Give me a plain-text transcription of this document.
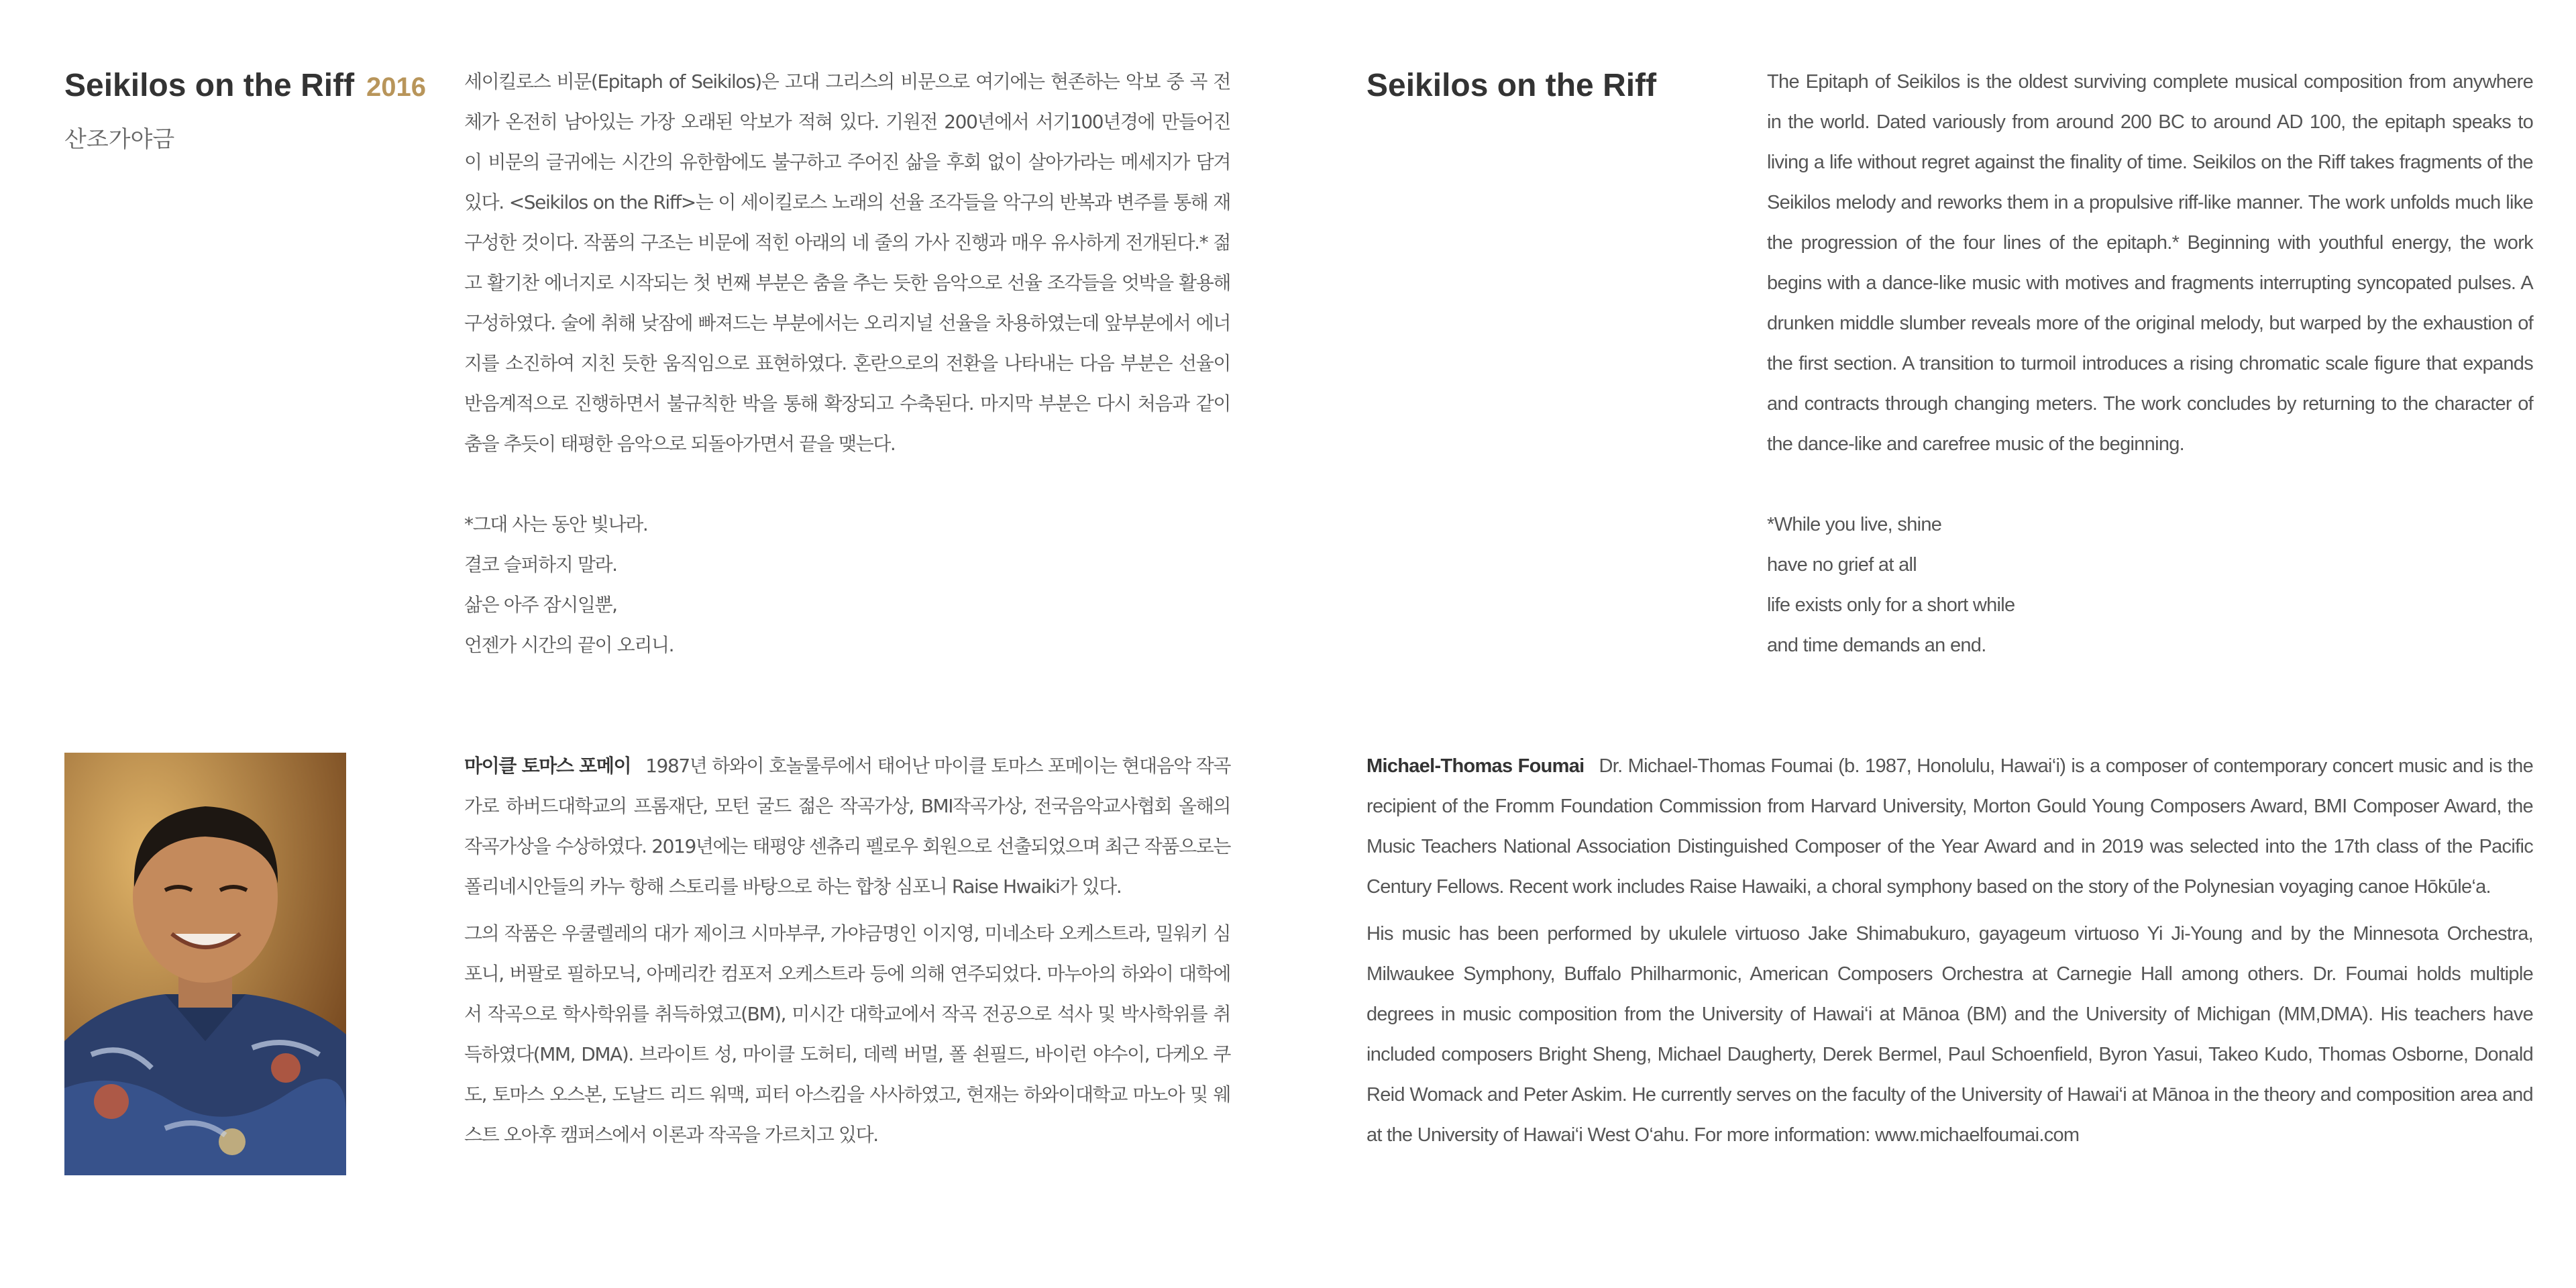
Seikilos on the Riff 2016
산조가야금

세이킬로스 비문(Epitaph of Seikilos)은 고대 그리스의 비문으로 여기에는 현존하는 악보 중 곡 전체가 온전히 남아있는 가장 오래된 악보가 적혀 있다. 기원전 200년에서 서기100년경에 만들어진 이 비문의 글귀에는 시간의 유한함에도 불구하고 주어진 삶을 후회 없이 살아가라는 메세지가 담겨 있다. <Seikilos on the Riff>는 이 세이킬로스 노래의 선율 조각들을 악구의 반복과 변주를 통해 재구성한 것이다. 작품의 구조는 비문에 적힌 아래의 네 줄의 가사 진행과 매우 유사하게 전개된다.* 젊고 활기찬 에너지로 시작되는 첫 번째 부분은 춤을 추는 듯한 음악으로 선율 조각들을 엇박을 활용해 구성하였다. 술에 취해 낮잠에 빠져드는 부분에서는 오리지널 선율을 차용하였는데 앞부분에서 에너지를 소진하여 지친 듯한 움직임으로 표현하였다. 혼란으로의 전환을 나타내는 다음 부분은 선율이 반음계적으로 진행하면서 불규칙한 박을 통해 확장되고 수축된다. 마지막 부분은 다시 처음과 같이 춤을 추듯이 태평한 음악으로 되돌아가면서 끝을 맺는다.

*그대 사는 동안 빛나라.
결코 슬퍼하지 말라.
삶은 아주 잠시일뿐,
언젠가 시간의 끝이 오리니.

마이클 토마스 포메이 1987년 하와이 호놀룰루에서 태어난 마이클 토마스 포메이는 현대음악 작곡가로 하버드대학교의 프롬재단, 모턴 굴드 젊은 작곡가상, BMI작곡가상, 전국음악교사협회 올해의 작곡가상을 수상하였다. 2019년에는 태평양 센츄리 펠로우 회원으로 선출되었으며 최근 작품으로는 폴리네시안들의 카누 항해 스토리를 바탕으로 하는 합창 심포니 Raise Hwaiki가 있다.

그의 작품은 우쿨렐레의 대가 제이크 시마부쿠, 가야금명인 이지영, 미네소타 오케스트라, 밀워키 심포니, 버팔로 필하모닉, 아메리칸 컴포저 오케스트라 등에 의해 연주되었다. 마누아의 하와이 대학에서 작곡으로 학사학위를 취득하였고(BM), 미시간 대학교에서 작곡 전공으로 석사 및 박사학위를 취득하였다(MM, DMA). 브라이트 성, 마이클 도허티, 데렉 버멀, 폴 쇤필드, 바이런 야수이, 다케오 쿠도, 토마스 오스본, 도날드 리드 워맥, 피터 아스킴을 사사하였고, 현재는 하와이대학교 마노아 및 웨스트 오아후 캠퍼스에서 이론과 작곡을 가르치고 있다.

Seikilos on the Riff	The Epitaph of Seikilos is the oldest surviving complete musical composition from anywhere in the world. Dated variously from around 200 BC to around AD 100, the epitaph speaks to living a life without regret against the finality of time. Seikilos on the Riff takes fragments of the Seikilos melody and reworks them in a propulsive riff-like manner. The work unfolds much like the progression of the four lines of the epitaph.* Beginning with youthful energy, the work begins with a dance-like music with motives and fragments interrupting syncopated pulses. A drunken middle slumber reveals more of the original melody, but warped by the exhaustion of the first section. A transition to turmoil introduces a rising chromatic scale figure that expands and contracts through changing meters. The work concludes by returning to the character of the dance-like and carefree music of the beginning.

*While you live, shine
have no grief at all
life exists only for a short while
and time demands an end.

Michael-Thomas Foumai Dr. Michael-Thomas Foumai (b. 1987, Honolulu, Hawai‘i) is a composer of contemporary concert music and is the recipient of the Fromm Foundation Commission from Harvard University, Morton Gould Young Composers Award, BMI Composer Award, the Music Teachers National Association Distinguished Composer of the Year Award and in 2019 was selected into the 17th class of the Pacific Century Fellows. Recent work includes Raise Hawaiki, a choral symphony based on the story of the Polynesian voyaging canoe Hōkūle‘a.

His music has been performed by ukulele virtuoso Jake Shimabukuro, gayageum virtuoso Yi Ji-Young and by the Minnesota Orchestra, Milwaukee Symphony, Buffalo Philharmonic, American Composers Orchestra at Carnegie Hall among others. Dr. Foumai holds multiple degrees in music composition from the University of Hawai‘i at Mānoa (BM) and the University of Michigan (MM,DMA). His teachers have included composers Bright Sheng, Michael Daugherty, Derek Bermel, Paul Schoenfield, Byron Yasui, Takeo Kudo, Thomas Osborne, Donald Reid Womack and Peter Askim. He currently serves on the faculty of the University of Hawai‘i at Mānoa in the theory and composition area and at the University of Hawai‘i West O‘ahu. For more information: www.michaelfoumai.com
